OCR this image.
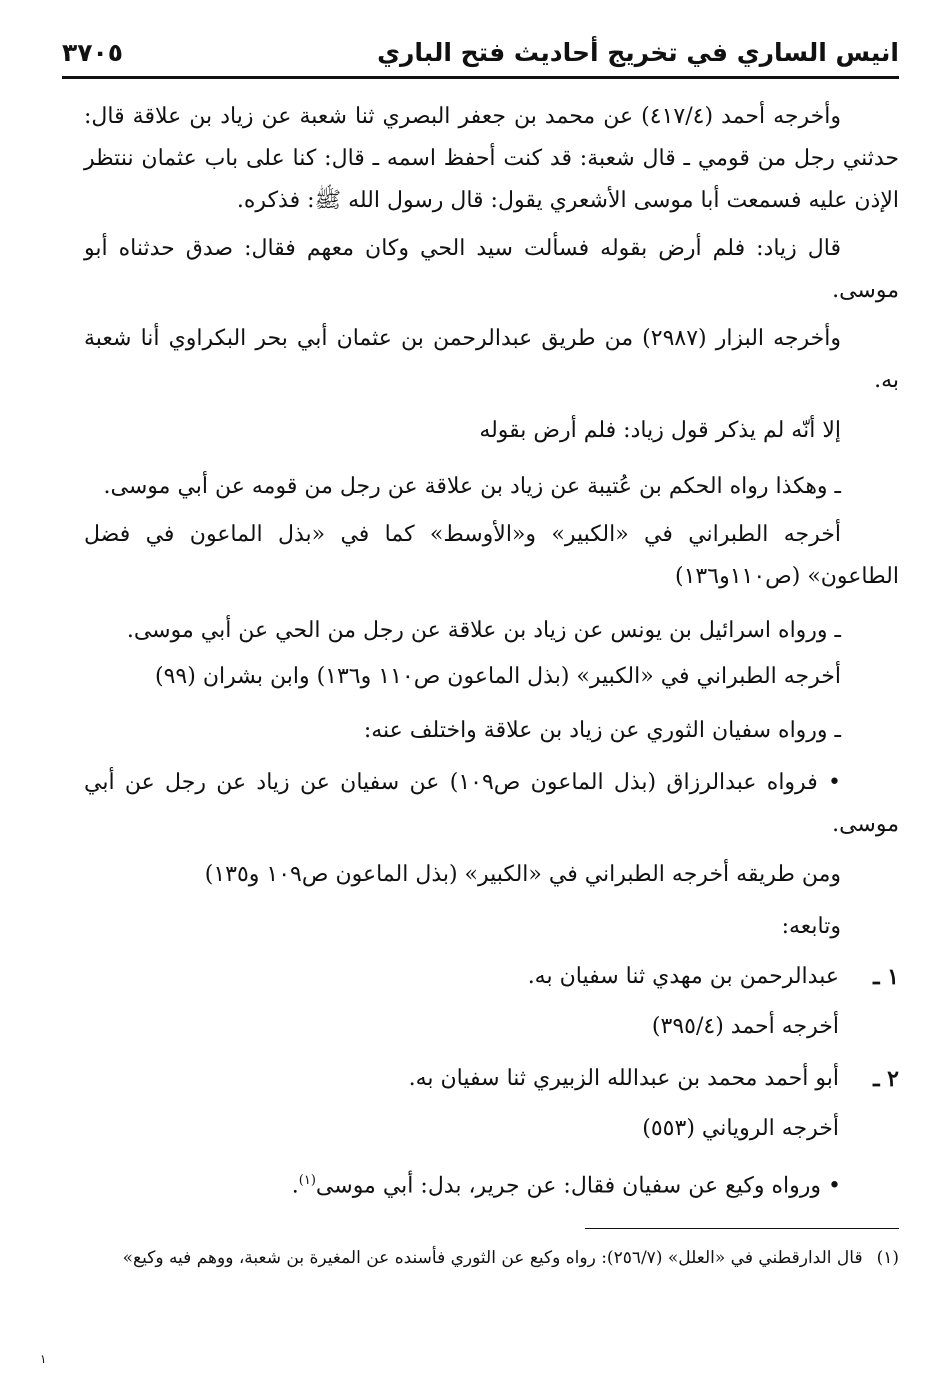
انيس الساري في تخريج أحاديث فتح الباري
٣٧٠٥
وأخرجه أحمد (٤١٧/٤) عن محمد بن جعفر البصري ثنا شعبة عن زياد بن علاقة قال: حدثني رجل من قومي ـ قال شعبة: قد كنت أحفظ اسمه ـ قال: كنا على باب عثمان ننتظر الإذن عليه فسمعت أبا موسى الأشعري يقول: قال رسول الله ﷺ: فذكره.
قال زياد: فلم أرض بقوله فسألت سيد الحي وكان معهم فقال: صدق حدثناه أبو موسى.
وأخرجه البزار (٢٩٨٧) من طريق عبدالرحمن بن عثمان أبي بحر البكراوي أنا شعبة به.
إلا أنّه لم يذكر قول زياد: فلم أرض بقوله
ـ وهكذا رواه الحكم بن عُتيبة عن زياد بن علاقة عن رجل من قومه عن أبي موسى.
أخرجه الطبراني في «الكبير» و«الأوسط» كما في «بذل الماعون في فضل الطاعون» (ص١١٠و١٣٦)
ـ ورواه اسرائيل بن يونس عن زياد بن علاقة عن رجل من الحي عن أبي موسى.
أخرجه الطبراني في «الكبير» (بذل الماعون ص١١٠ و١٣٦) وابن بشران (٩٩)
ـ ورواه سفيان الثوري عن زياد بن علاقة واختلف عنه:
• فرواه عبدالرزاق (بذل الماعون ص١٠٩) عن سفيان عن زياد عن رجل عن أبي موسى.
ومن طريقه أخرجه الطبراني في «الكبير» (بذل الماعون ص١٠٩ و١٣٥)
وتابعه:
١ ـ
عبدالرحمن بن مهدي ثنا سفيان به.
أخرجه أحمد (٣٩٥/٤)
٢ ـ
أبو أحمد محمد بن عبدالله الزبيري ثنا سفيان به.
أخرجه الروياني (٥٥٣)
• ورواه وكيع عن سفيان فقال: عن جرير، بدل: أبي موسى$^{(١)}$.
(١)قال الدارقطني في «العلل» (٢٥٦/٧): رواه وكيع عن الثوري فأسنده عن المغيرة بن شعبة، ووهم فيه وكيع»
١
